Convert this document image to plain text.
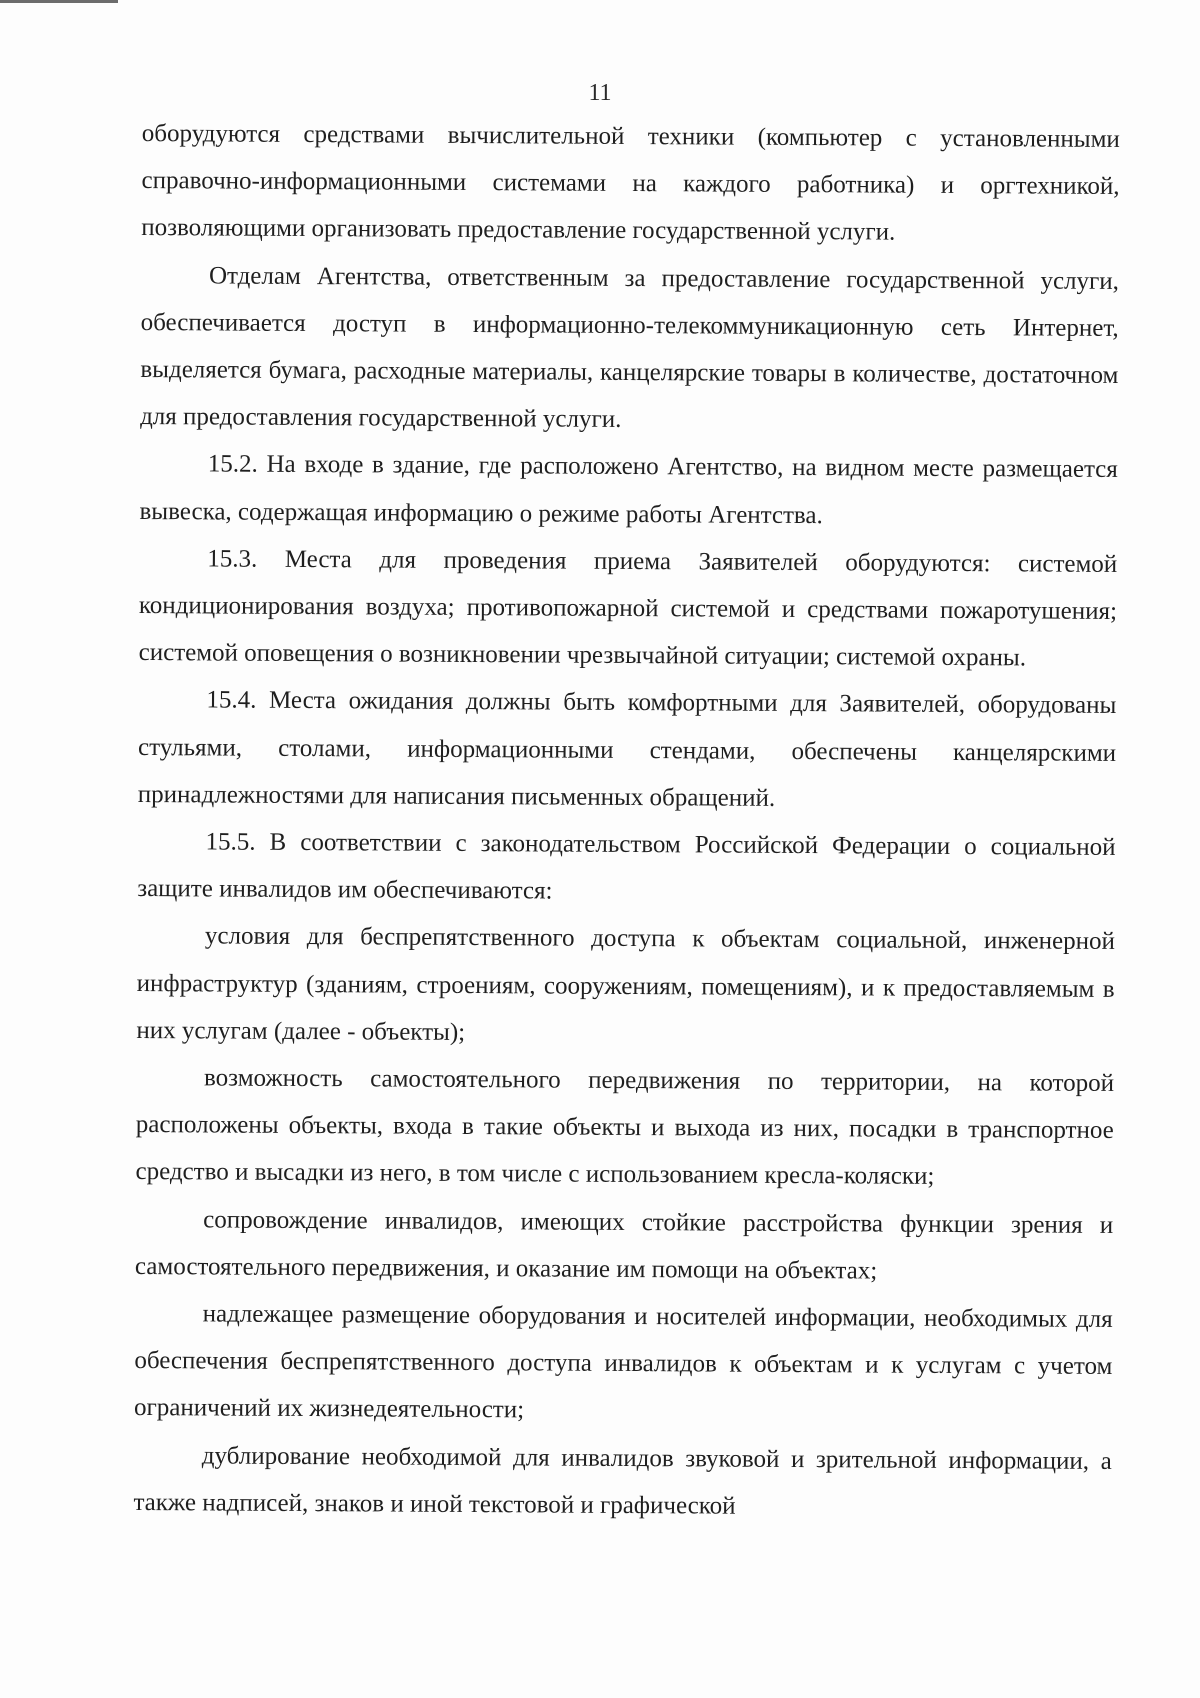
11

оборудуются средствами вычислительной техники (компьютер с установленными справочно-информационными системами на каждого работника) и оргтехникой, позволяющими организовать предоставление государственной услуги.

Отделам Агентства, ответственным за предоставление государственной услуги, обеспечивается доступ в информационно-телекоммуникационную сеть Интернет, выделяется бумага, расходные материалы, канцелярские товары в количестве, достаточном для предоставления государственной услуги.

15.2. На входе в здание, где расположено Агентство, на видном месте размещается вывеска, содержащая информацию о режиме работы Агентства.

15.3. Места для проведения приема Заявителей оборудуются: системой кондиционирования воздуха; противопожарной системой и средствами пожаротушения; системой оповещения о возникновении чрезвычайной ситуации; системой охраны.

15.4. Места ожидания должны быть комфортными для Заявителей, оборудованы стульями, столами, информационными стендами, обеспечены канцелярскими принадлежностями для написания письменных обращений.

15.5. В соответствии с законодательством Российской Федерации о социальной защите инвалидов им обеспечиваются:

условия для беспрепятственного доступа к объектам социальной, инженерной инфраструктур (зданиям, строениям, сооружениям, помещениям), и к предоставляемым в них услугам (далее - объекты);

возможность самостоятельного передвижения по территории, на которой расположены объекты, входа в такие объекты и выхода из них, посадки в транспортное средство и высадки из него, в том числе с использованием кресла-коляски;

сопровождение инвалидов, имеющих стойкие расстройства функции зрения и самостоятельного передвижения, и оказание им помощи на объектах;

надлежащее размещение оборудования и носителей информации, необходимых для обеспечения беспрепятственного доступа инвалидов к объектам и к услугам с учетом ограничений их жизнедеятельности;

дублирование необходимой для инвалидов звуковой и зрительной информации, а также надписей, знаков и иной текстовой и графической
